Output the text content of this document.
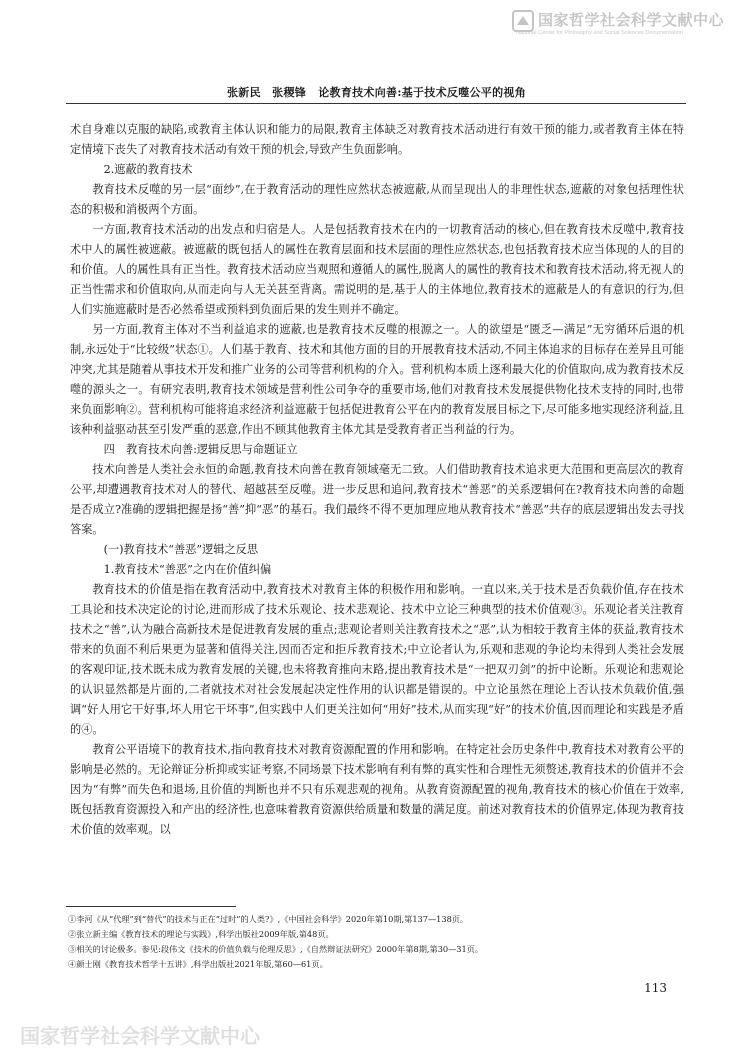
国家哲学社会科学文献中心
National Center for Philosophy and Social Sciences Documentation
张新民　张稷锋 论教育技术向善:基于技术反噬公平的视角

术自身难以克服的缺陷,或教育主体认识和能力的局限,教育主体缺乏对教育技术活动进行有效干预的能力,或者教育主体在特定情境下丧失了对教育技术活动有效干预的机会,导致产生负面影响。

2.遮蔽的教育技术

教育技术反噬的另一层“面纱”,在于教育活动的理性应然状态被遮蔽,从而呈现出人的非理性状态,遮蔽的对象包括理性状态的积极和消极两个方面。

一方面,教育技术活动的出发点和归宿是人。人是包括教育技术在内的一切教育活动的核心,但在教育技术反噬中,教育技术中人的属性被遮蔽。被遮蔽的既包括人的属性在教育层面和技术层面的理性应然状态,也包括教育技术应当体现的人的目的和价值。人的属性具有正当性。教育技术活动应当观照和遵循人的属性,脱离人的属性的教育技术和教育技术活动,将无视人的正当性需求和价值取向,从而走向与人无关甚至背离。需说明的是,基于人的主体地位,教育技术的遮蔽是人的有意识的行为,但人们实施遮蔽时是否必然希望或预料到负面后果的发生则并不确定。

另一方面,教育主体对不当利益追求的遮蔽,也是教育技术反噬的根源之一。人的欲望是“匮乏—满足”无穷循环后退的机制,永远处于“比较级”状态①。人们基于教育、技术和其他方面的目的开展教育技术活动,不同主体追求的目标存在差异且可能冲突,尤其是随着从事技术开发和推广业务的公司等营利机构的介入。营利机构本质上逐利最大化的价值取向,成为教育技术反噬的源头之一。有研究表明,教育技术领域是营利性公司争夺的重要市场,他们对教育技术发展提供物化技术支持的同时,也带来负面影响②。营利机构可能将追求经济利益遮蔽于包括促进教育公平在内的教育发展目标之下,尽可能多地实现经济利益,且该种利益驱动甚至引发严重的恶意,作出不顾其他教育主体尤其是受教育者正当利益的行为。

四　教育技术向善:逻辑反思与命题证立

技术向善是人类社会永恒的命题,教育技术向善在教育领域毫无二致。人们借助教育技术追求更大范围和更高层次的教育公平,却遭遇教育技术对人的替代、超越甚至反噬。进一步反思和追问,教育技术“善恶”的关系逻辑何在?教育技术向善的命题是否成立?准确的逻辑把握是扬“善”抑“恶”的基石。我们最终不得不更加理应地从教育技术“善恶”共存的底层逻辑出发去寻找答案。

(一)教育技术“善恶”逻辑之反思
1.教育技术“善恶”之内在价值纠偏

教育技术的价值是指在教育活动中,教育技术对教育主体的积极作用和影响。一直以来,关于技术是否负载价值,存在技术工具论和技术决定论的讨论,进而形成了技术乐观论、技术悲观论、技术中立论三种典型的技术价值观③。乐观论者关注教育技术之“善”,认为融合高新技术是促进教育发展的重点;悲观论者则关注教育技术之“恶”,认为相较于教育主体的获益,教育技术带来的负面不利后果更为显著和值得关注,因而否定和拒斥教育技术;中立论者认为,乐观和悲观的争论均未得到人类社会发展的客观印证,技术既未成为教育发展的关键,也未将教育推向末路,提出教育技术是“一把双刃剑”的折中论断。乐观论和悲观论的认识显然都是片面的,二者就技术对社会发展起决定性作用的认识都是错误的。中立论虽然在理论上否认技术负载价值,强调“好人用它干好事,坏人用它干坏事”,但实践中人们更关注如何“用好”技术,从而实现“好”的技术价值,因而理论和实践是矛盾的④。

教育公平语境下的教育技术,指向教育技术对教育资源配置的作用和影响。在特定社会历史条件中,教育技术对教育公平的影响是必然的。无论辩证分析抑或实证考察,不同场景下技术影响有利有弊的真实性和合理性无须赘述,教育技术的价值并不会因为“有弊”而失色和退场,且价值的判断也并不只有乐观悲观的视角。从教育资源配置的视角,教育技术的核心价值在于效率,既包括教育资源投入和产出的经济性,也意味着教育资源供给质量和数量的满足度。前述对教育技术的价值界定,体现为教育技术价值的效率观。以

①李河《从“代理”到“替代”的技术与正在“过时”的人类?》,《中国社会科学》2020年第10期,第137—138页。
②张立新主编《教育技术的理论与实践》,科学出版社2009年版,第48页。
③相关的讨论极多。参见:段伟文《技术的价值负载与伦理反思》,《自然辩证法研究》2000年第8期,第30—31页。
④颜士刚《教育技术哲学十五讲》,科学出版社2021年版,第60—61页。
113
国家哲学社会科学文献中心
